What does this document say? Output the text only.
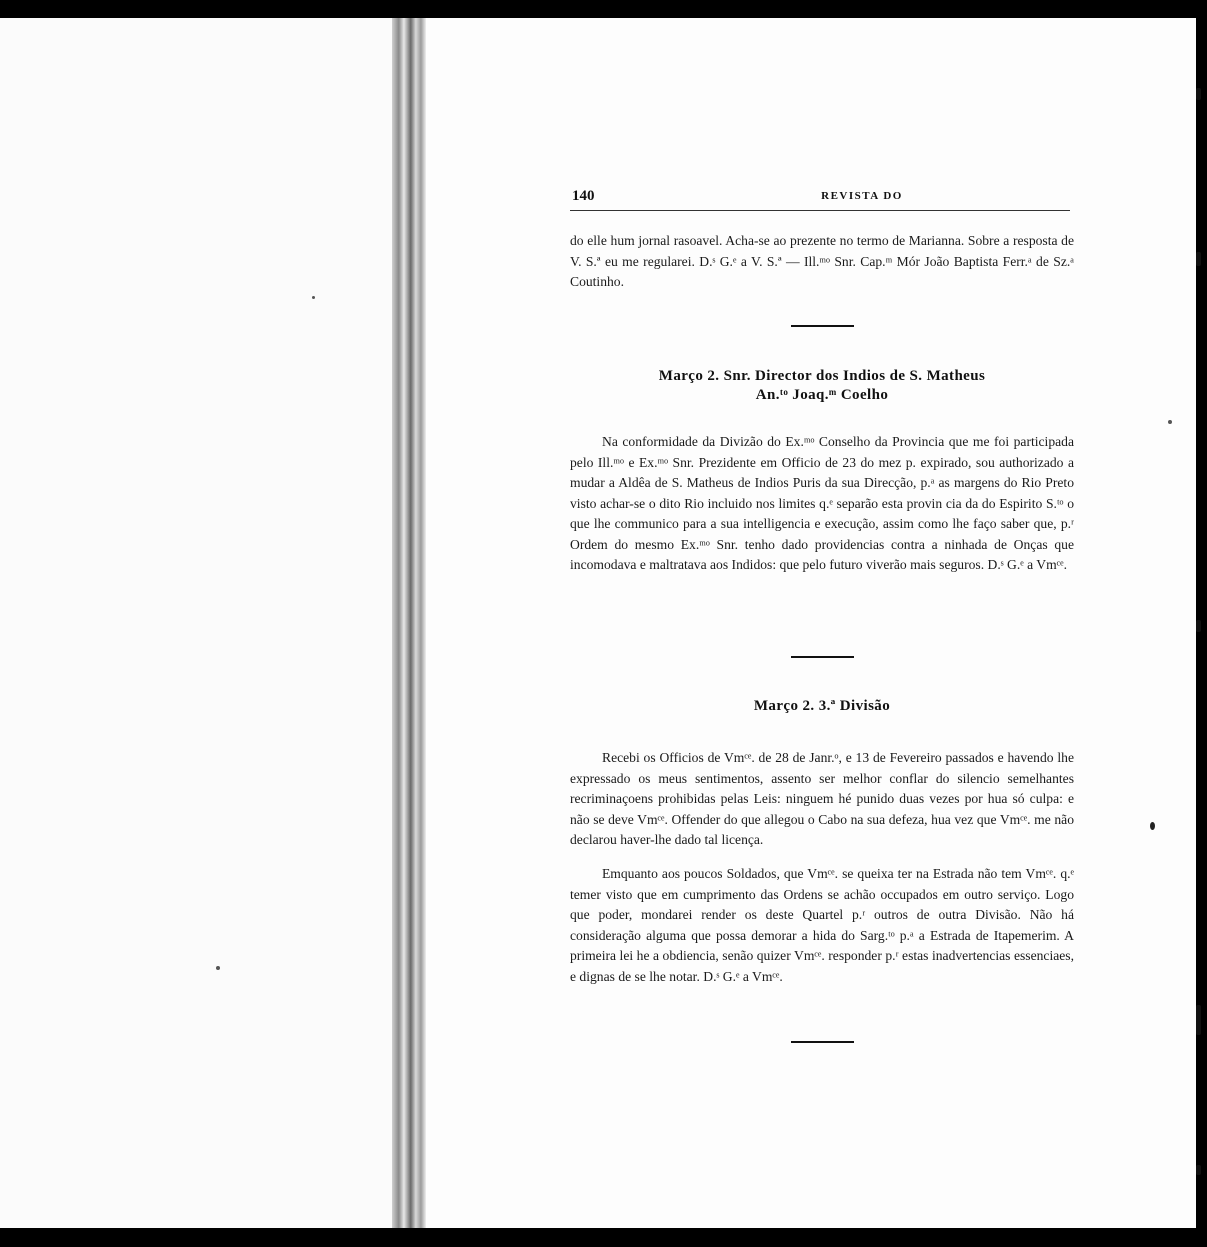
140	REVISTA DO
do elle hum jornal rasoavel. Acha-se ao prezente no termo de Marianna. Sobre a resposta de V. S.ª eu me regularei. D.ˢ G.ᵉ a V. S.ª — Ill.ᵐᵒ Snr. Cap.ᵐ Mór João Baptista Ferr.ᵃ de Sz.ᵃ Coutinho.
Março 2. Snr. Director dos Indios de S. Matheus
An.ᵗᵒ Joaq.ᵐ Coelho
Na conformidade da Divizão do Ex.ᵐᵒ Conselho da Provincia que me foi participada pelo Ill.ᵐᵒ e Ex.ᵐᵒ Snr. Prezidente em Officio de 23 do mez p. expirado, sou authorizado a mudar a Aldêa de S. Matheus de Indios Puris da sua Direcção, p.ᵃ as margens do Rio Preto visto achar-se o dito Rio incluido nos limites q.ᵉ separão esta provin cia da do Espirito S.ᵗᵒ o que lhe communico para a sua intelligencia e execução, assim como lhe faço saber que, p.ʳ Ordem do mesmo Ex.ᵐᵒ Snr. tenho dado providencias contra a ninhada de Onças que incomodava e maltratava aos Indidos: que pelo futuro viverão mais seguros. D.ˢ G.ᵉ a Vmᶜᵉ.
Março 2. 3.ª Divisão
Recebi os Officios de Vmᶜᵉ. de 28 de Janr.ᵒ, e 13 de Fevereiro passados e havendo lhe expressado os meus sentimentos, assento ser melhor conflar do silencio semelhantes recriminaçoens prohibidas pelas Leis: ninguem hé punido duas vezes por hua só culpa: e não se deve Vmᶜᵉ. Offender do que allegou o Cabo na sua defeza, hua vez que Vmᶜᵉ. me não declarou haver-lhe dado tal licença.
Emquanto aos poucos Soldados, que Vmᶜᵉ. se queixa ter na Estrada não tem Vmᶜᵉ. q.ᵉ temer visto que em cumprimento das Ordens se achão occupados em outro serviço. Logo que poder, mondarei render os deste Quartel p.ʳ outros de outra Divisão. Não há consideração alguma que possa demorar a hida do Sarg.ᵗᵒ p.ᵃ a Estrada de Itapemerim. A primeira lei he a obdiencia, senão quizer Vmᶜᵉ. responder p.ʳ estas inadvertencias essenciaes, e dignas de se lhe notar. D.ˢ G.ᵉ a Vmᶜᵉ.
